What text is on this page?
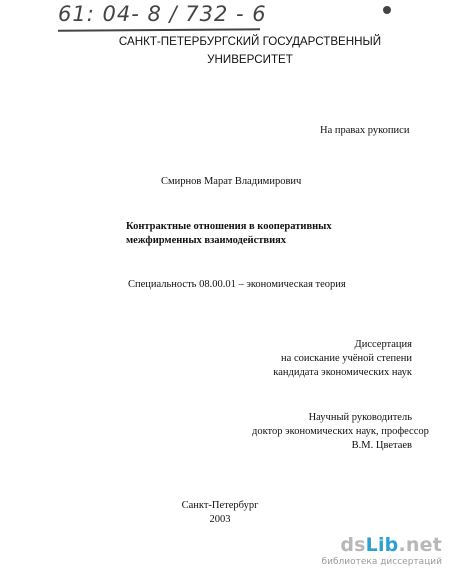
61: 04- 8 / 732 - 6
САНКТ-ПЕТЕРБУРГСКИЙ ГОСУДАРСТВЕННЫЙ
УНИВЕРСИТЕТ
На правах рукописи
Смирнов Марат Владимирович
Контрактные отношения в кооперативных
межфирменных взаимодействиях
Специальность 08.00.01 – экономическая теория
Диссертация
на соискание учёной степени
кандидата экономических наук
Научный руководитель
доктор экономических наук, профессор
В.М. Цветаев
Санкт-Петербург
2003
dsLib.net
библиотека диссертаций
